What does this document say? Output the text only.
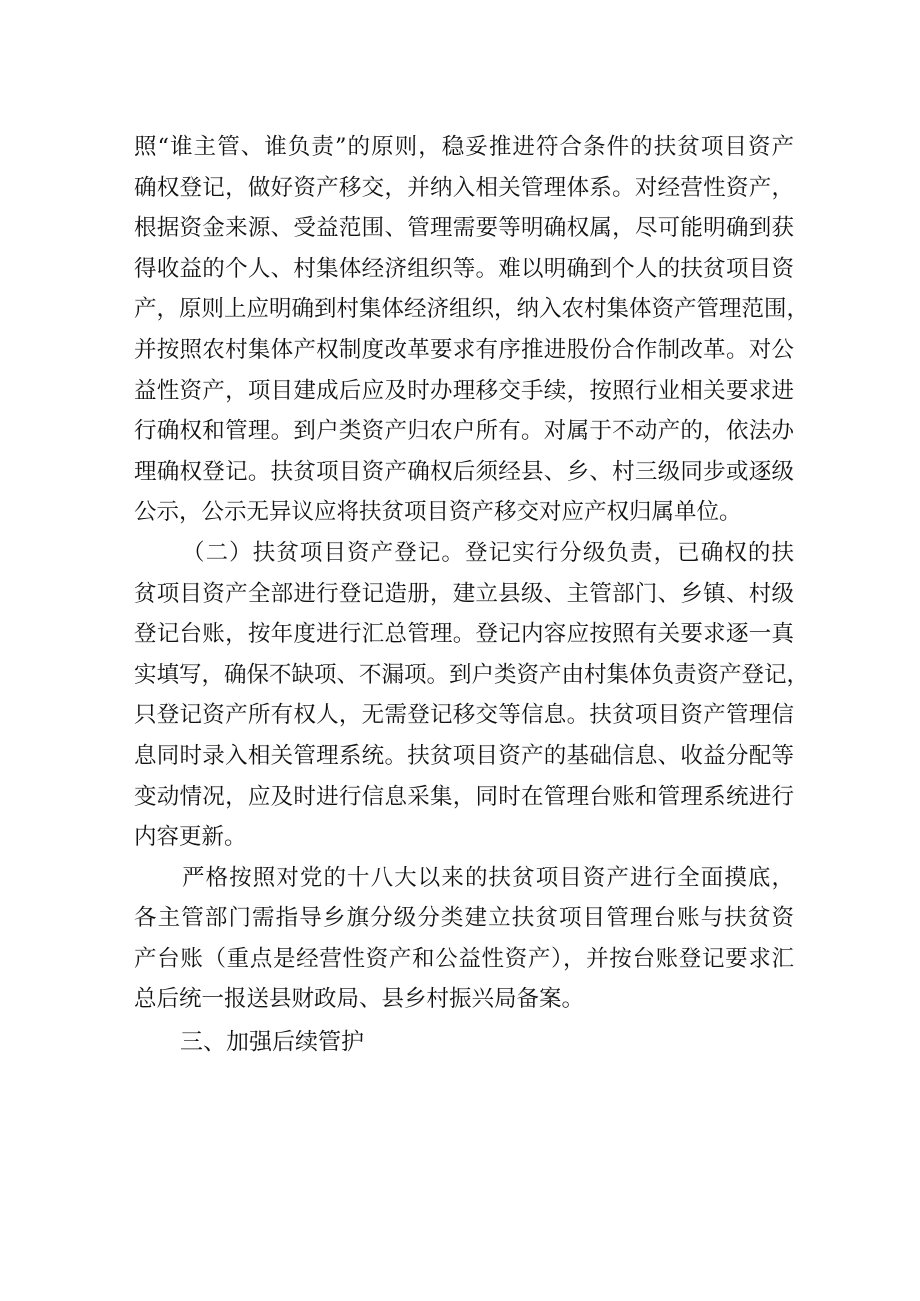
照“谁主管、谁负责”的原则，稳妥推进符合条件的扶贫项目资产
确权登记，做好资产移交，并纳入相关管理体系。对经营性资产，
根据资金来源、受益范围、管理需要等明确权属，尽可能明确到获
得收益的个人、村集体经济组织等。难以明确到个人的扶贫项目资
产，原则上应明确到村集体经济组织，纳入农村集体资产管理范围，
并按照农村集体产权制度改革要求有序推进股份合作制改革。对公
益性资产，项目建成后应及时办理移交手续，按照行业相关要求进
行确权和管理。到户类资产归农户所有。对属于不动产的，依法办
理确权登记。扶贫项目资产确权后须经县、乡、村三级同步或逐级
公示，公示无异议应将扶贫项目资产移交对应产权归属单位。

（二）扶贫项目资产登记。登记实行分级负责，已确权的扶
贫项目资产全部进行登记造册，建立县级、主管部门、乡镇、村级
登记台账，按年度进行汇总管理。登记内容应按照有关要求逐一真
实填写，确保不缺项、不漏项。到户类资产由村集体负责资产登记，
只登记资产所有权人，无需登记移交等信息。扶贫项目资产管理信
息同时录入相关管理系统。扶贫项目资产的基础信息、收益分配等
变动情况，应及时进行信息采集，同时在管理台账和管理系统进行
内容更新。

严格按照对党的十八大以来的扶贫项目资产进行全面摸底，
各主管部门需指导乡旗分级分类建立扶贫项目管理台账与扶贫资
产台账（重点是经营性资产和公益性资产），并按台账登记要求汇
总后统一报送县财政局、县乡村振兴局备案。

三、加强后续管护
